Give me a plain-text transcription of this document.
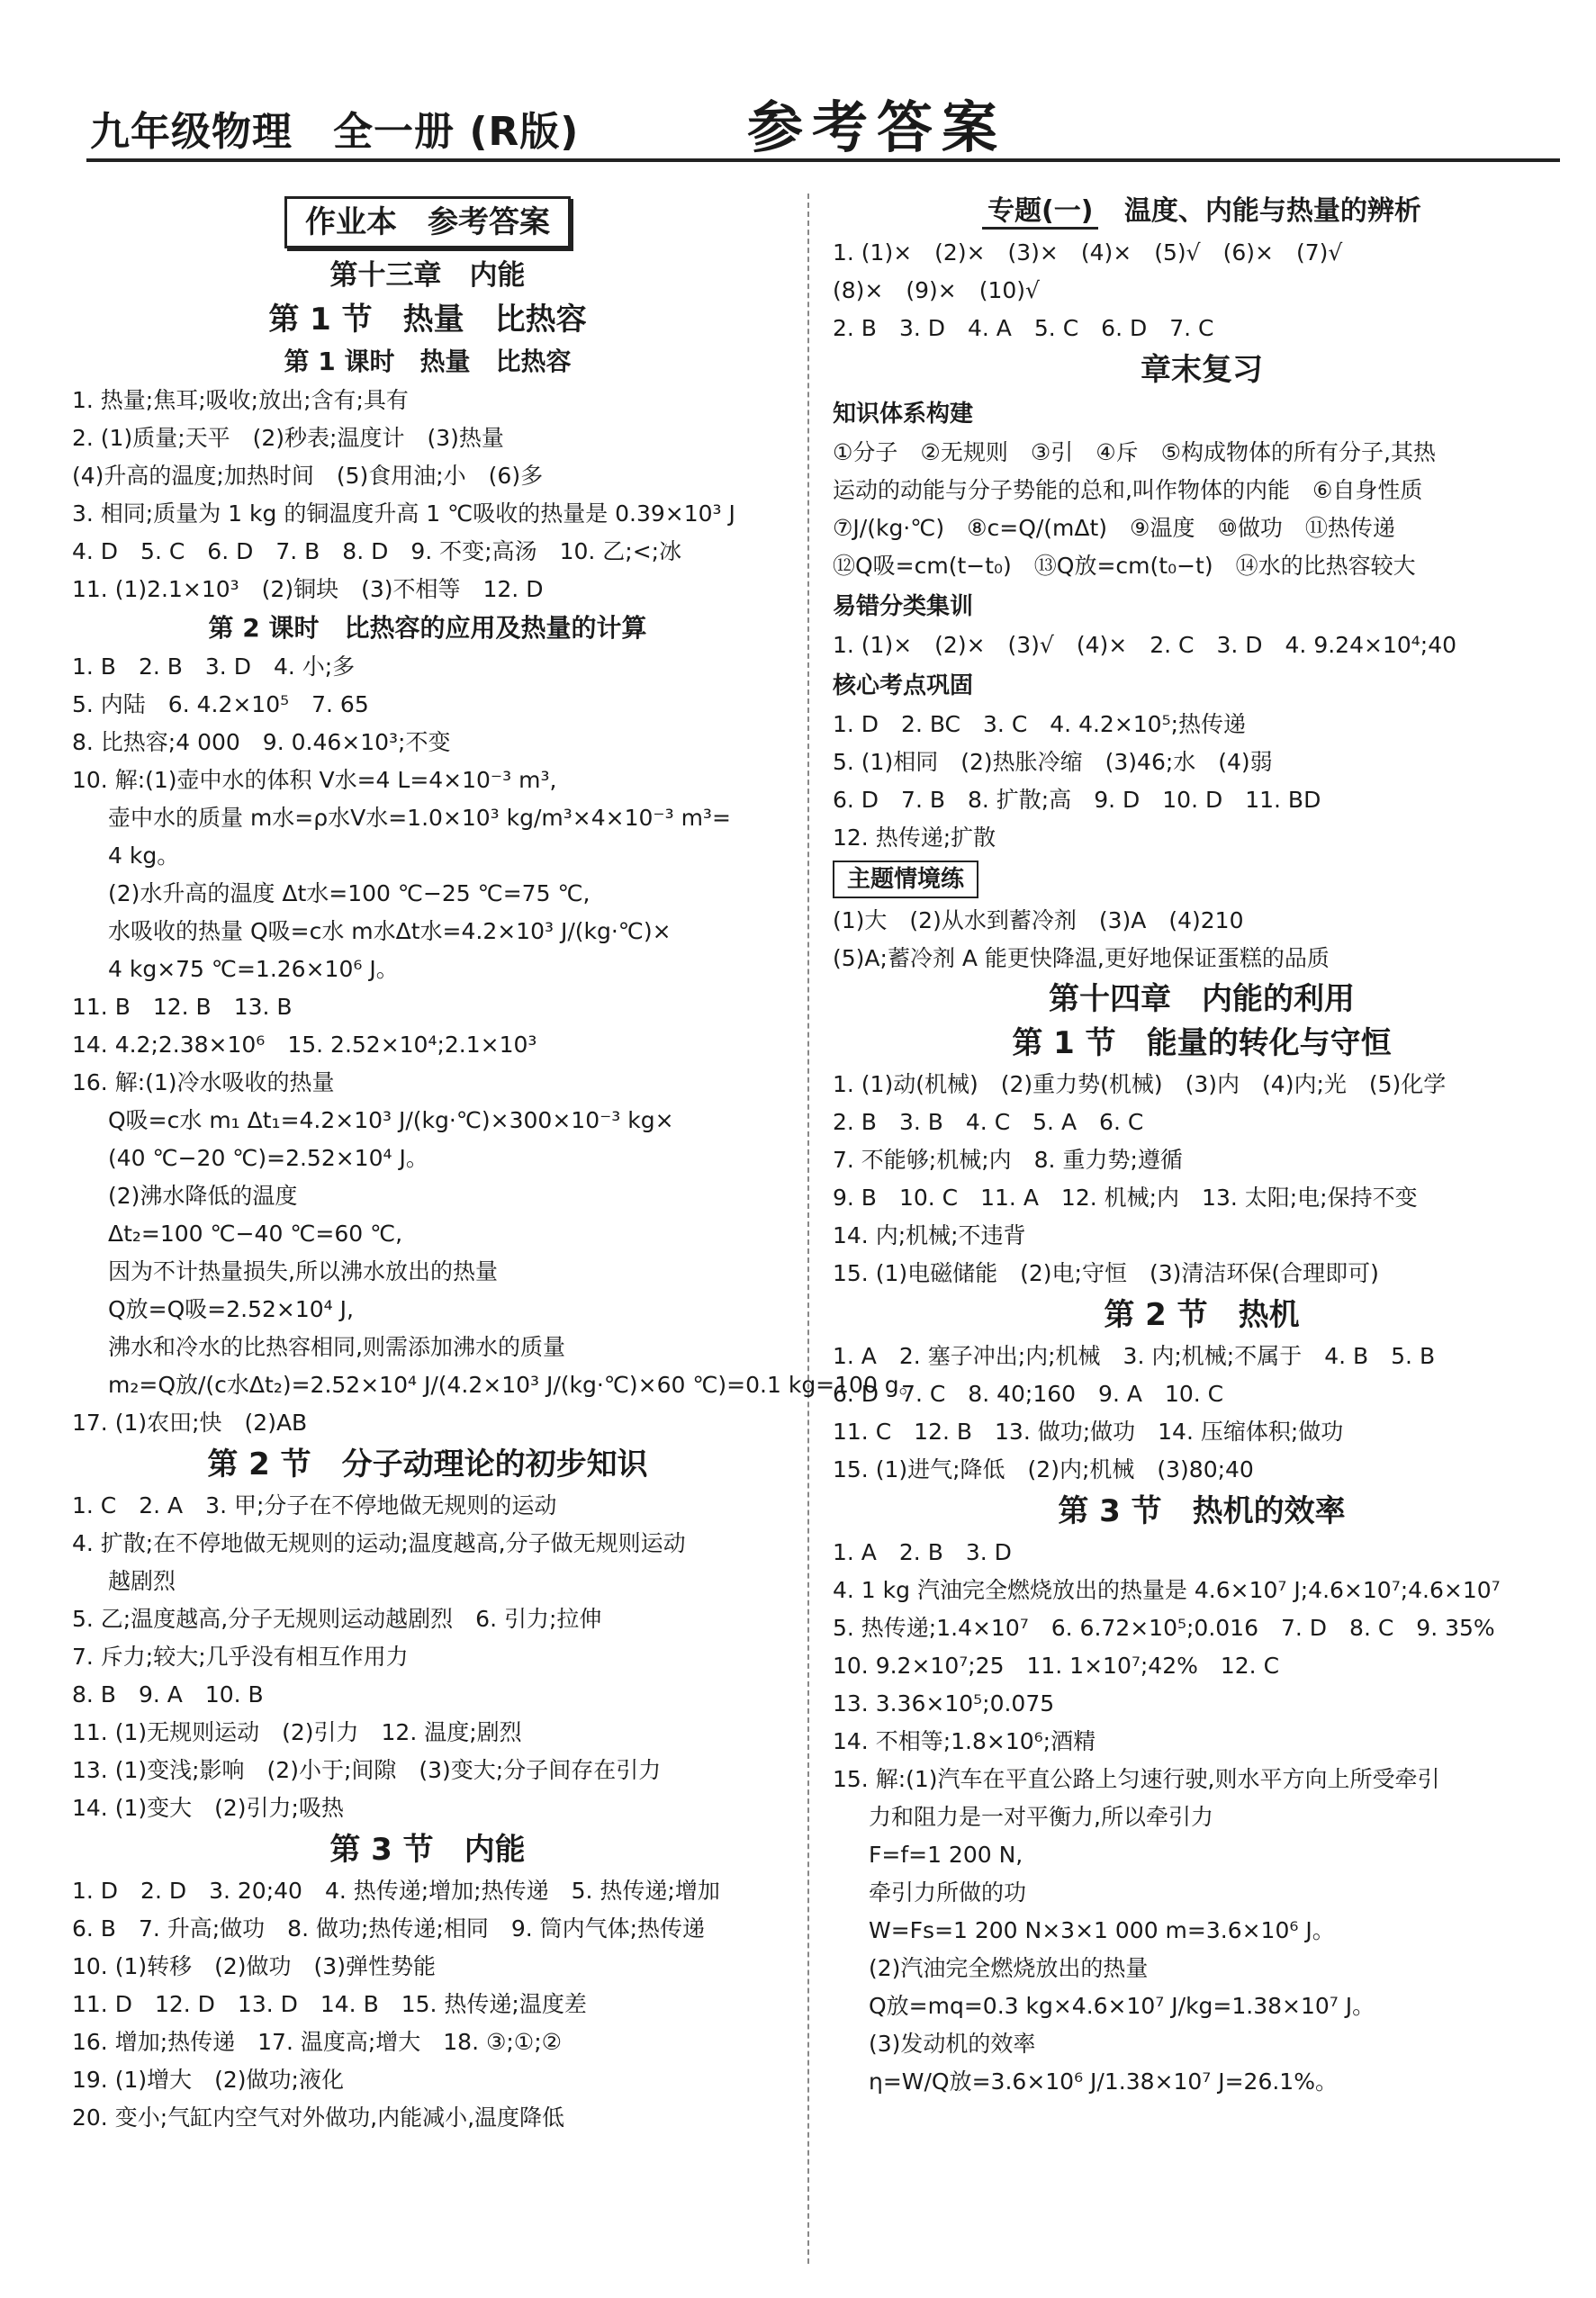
九年级物理　全一册 (R版)	参考答案
作业本　参考答案
第十三章　内能
第 1 节　热量　比热容
第 1 课时　热量　比热容
1. 热量;焦耳;吸收;放出;含有;具有
2. (1)质量;天平　(2)秒表;温度计　(3)热量
(4)升高的温度;加热时间　(5)食用油;小　(6)多
3. 相同;质量为 1 kg 的铜温度升高 1 ℃吸收的热量是 0.39×10³ J
4. D　5. C　6. D　7. B　8. D　9. 不变;高汤　10. 乙;<;冰
11. (1)2.1×10³　(2)铜块　(3)不相等　12. D
第 2 课时　比热容的应用及热量的计算
1. B　2. B　3. D　4. 小;多
5. 内陆　6. 4.2×10⁵　7. 65
8. 比热容;4 000　9. 0.46×10³;不变
10. 解:(1)壶中水的体积 V水=4 L=4×10⁻³ m³,
壶中水的质量 m水=ρ水V水=1.0×10³ kg/m³×4×10⁻³ m³=
4 kg。
(2)水升高的温度 Δt水=100 ℃−25 ℃=75 ℃,
水吸收的热量 Q吸=c水 m水Δt水=4.2×10³ J/(kg·℃)×
4 kg×75 ℃=1.26×10⁶ J。
11. B　12. B　13. B
14. 4.2;2.38×10⁶　15. 2.52×10⁴;2.1×10³
16. 解:(1)冷水吸收的热量
Q吸=c水 m₁ Δt₁=4.2×10³ J/(kg·℃)×300×10⁻³ kg×
(40 ℃−20 ℃)=2.52×10⁴ J。
(2)沸水降低的温度
Δt₂=100 ℃−40 ℃=60 ℃,
因为不计热量损失,所以沸水放出的热量
Q放=Q吸=2.52×10⁴ J,
沸水和冷水的比热容相同,则需添加沸水的质量
m₂=Q放/(c水Δt₂)=2.52×10⁴ J/(4.2×10³ J/(kg·℃)×60 ℃)=0.1 kg=100 g。
17. (1)农田;快　(2)AB
第 2 节　分子动理论的初步知识
1. C　2. A　3. 甲;分子在不停地做无规则的运动
4. 扩散;在不停地做无规则的运动;温度越高,分子做无规则运动
越剧烈
5. 乙;温度越高,分子无规则运动越剧烈　6. 引力;拉伸
7. 斥力;较大;几乎没有相互作用力
8. B　9. A　10. B
11. (1)无规则运动　(2)引力　12. 温度;剧烈
13. (1)变浅;影响　(2)小于;间隙　(3)变大;分子间存在引力
14. (1)变大　(2)引力;吸热
第 3 节　内能
1. D　2. D　3. 20;40　4. 热传递;增加;热传递　5. 热传递;增加
6. B　7. 升高;做功　8. 做功;热传递;相同　9. 筒内气体;热传递
10. (1)转移　(2)做功　(3)弹性势能
11. D　12. D　13. D　14. B　15. 热传递;温度差
16. 增加;热传递　17. 温度高;增大　18. ③;①;②
19. (1)增大　(2)做功;液化
20. 变小;气缸内空气对外做功,内能减小,温度降低
专题(一) 温度、内能与热量的辨析
1. (1)×　(2)×　(3)×　(4)×　(5)√　(6)×　(7)√
(8)×　(9)×　(10)√
2. B　3. D　4. A　5. C　6. D　7. C
章末复习
知识体系构建
①分子　②无规则　③引　④斥　⑤构成物体的所有分子,其热
运动的动能与分子势能的总和,叫作物体的内能　⑥自身性质
⑦J/(kg·℃)　⑧c=Q/(mΔt)　⑨温度　⑩做功　⑪热传递
⑫Q吸=cm(t−t₀)　⑬Q放=cm(t₀−t)　⑭水的比热容较大
易错分类集训
1. (1)×　(2)×　(3)√　(4)×　2. C　3. D　4. 9.24×10⁴;40
核心考点巩固
1. D　2. BC　3. C　4. 4.2×10⁵;热传递
5. (1)相同　(2)热胀冷缩　(3)46;水　(4)弱
6. D　7. B　8. 扩散;高　9. D　10. D　11. BD
12. 热传递;扩散
主题情境练
(1)大　(2)从水到蓄冷剂　(3)A　(4)210
(5)A;蓄冷剂 A 能更快降温,更好地保证蛋糕的品质
第十四章　内能的利用
第 1 节　能量的转化与守恒
1. (1)动(机械)　(2)重力势(机械)　(3)内　(4)内;光　(5)化学
2. B　3. B　4. C　5. A　6. C
7. 不能够;机械;内　8. 重力势;遵循
9. B　10. C　11. A　12. 机械;内　13. 太阳;电;保持不变
14. 内;机械;不违背
15. (1)电磁储能　(2)电;守恒　(3)清洁环保(合理即可)
第 2 节　热机
1. A　2. 塞子冲出;内;机械　3. 内;机械;不属于　4. B　5. B
6. D　7. C　8. 40;160　9. A　10. C
11. C　12. B　13. 做功;做功　14. 压缩体积;做功
15. (1)进气;降低　(2)内;机械　(3)80;40
第 3 节　热机的效率
1. A　2. B　3. D
4. 1 kg 汽油完全燃烧放出的热量是 4.6×10⁷ J;4.6×10⁷;4.6×10⁷
5. 热传递;1.4×10⁷　6. 6.72×10⁵;0.016　7. D　8. C　9. 35%
10. 9.2×10⁷;25　11. 1×10⁷;42%　12. C
13. 3.36×10⁵;0.075
14. 不相等;1.8×10⁶;酒精
15. 解:(1)汽车在平直公路上匀速行驶,则水平方向上所受牵引
力和阻力是一对平衡力,所以牵引力
F=f=1 200 N,
牵引力所做的功
W=Fs=1 200 N×3×1 000 m=3.6×10⁶ J。
(2)汽油完全燃烧放出的热量
Q放=mq=0.3 kg×4.6×10⁷ J/kg=1.38×10⁷ J。
(3)发动机的效率
η=W/Q放=3.6×10⁶ J/1.38×10⁷ J=26.1%。
